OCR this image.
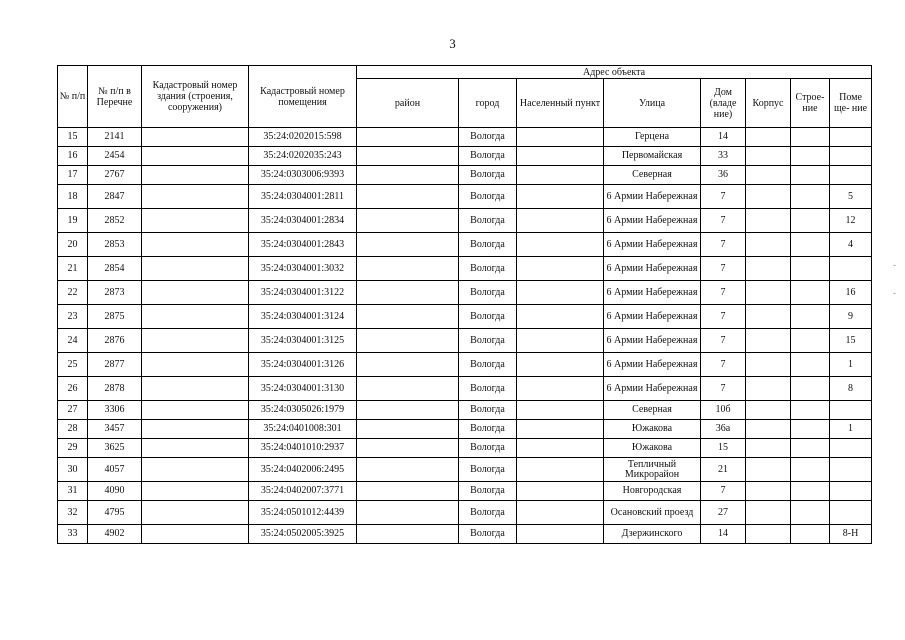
3
№ п/п	№ п/п в Перечне	Кадастровый номер здания (строения, сооружения)	Кадастровый номер помещения	Адрес объекта							
				район	город	Населенный пункт	Улица	Дом (владе ние)	Корпус	Строе- ние	Поме ще- ние
15	2141		35:24:0202015:598		Вологда		Герцена	14			
16	2454		35:24:0202035:243		Вологда		Первомайская	33			
17	2767		35:24:0303006:9393		Вологда		Северная	36			
18	2847		35:24:0304001:2811		Вологда		6 Армии Набережная	7			5
19	2852		35:24:0304001:2834		Вологда		6 Армии Набережная	7			12
20	2853		35:24:0304001:2843		Вологда		6 Армии Набережная	7			4
21	2854		35:24:0304001:3032		Вологда		6 Армии Набережная	7			
22	2873		35:24:0304001:3122		Вологда		6 Армии Набережная	7			16
23	2875		35:24:0304001:3124		Вологда		6 Армии Набережная	7			9
24	2876		35:24:0304001:3125		Вологда		6 Армии Набережная	7			15
25	2877		35:24:0304001:3126		Вологда		6 Армии Набережная	7			1
26	2878		35:24:0304001:3130		Вологда		6 Армии Набережная	7			8
27	3306		35:24:0305026:1979		Вологда		Северная	10б			
28	3457		35:24:0401008:301		Вологда		Южакова	36а			1
29	3625		35:24:0401010:2937		Вологда		Южакова	15			
30	4057		35:24:0402006:2495		Вологда		Тепличный Микрорайон	21			
31	4090		35:24:0402007:3771		Вологда		Новгородская	7			
32	4795		35:24:0501012:4439		Вологда		Осановский проезд	27			
33	4902		35:24:0502005:3925		Вологда		Дзержинского	14			8-Н
-
-
